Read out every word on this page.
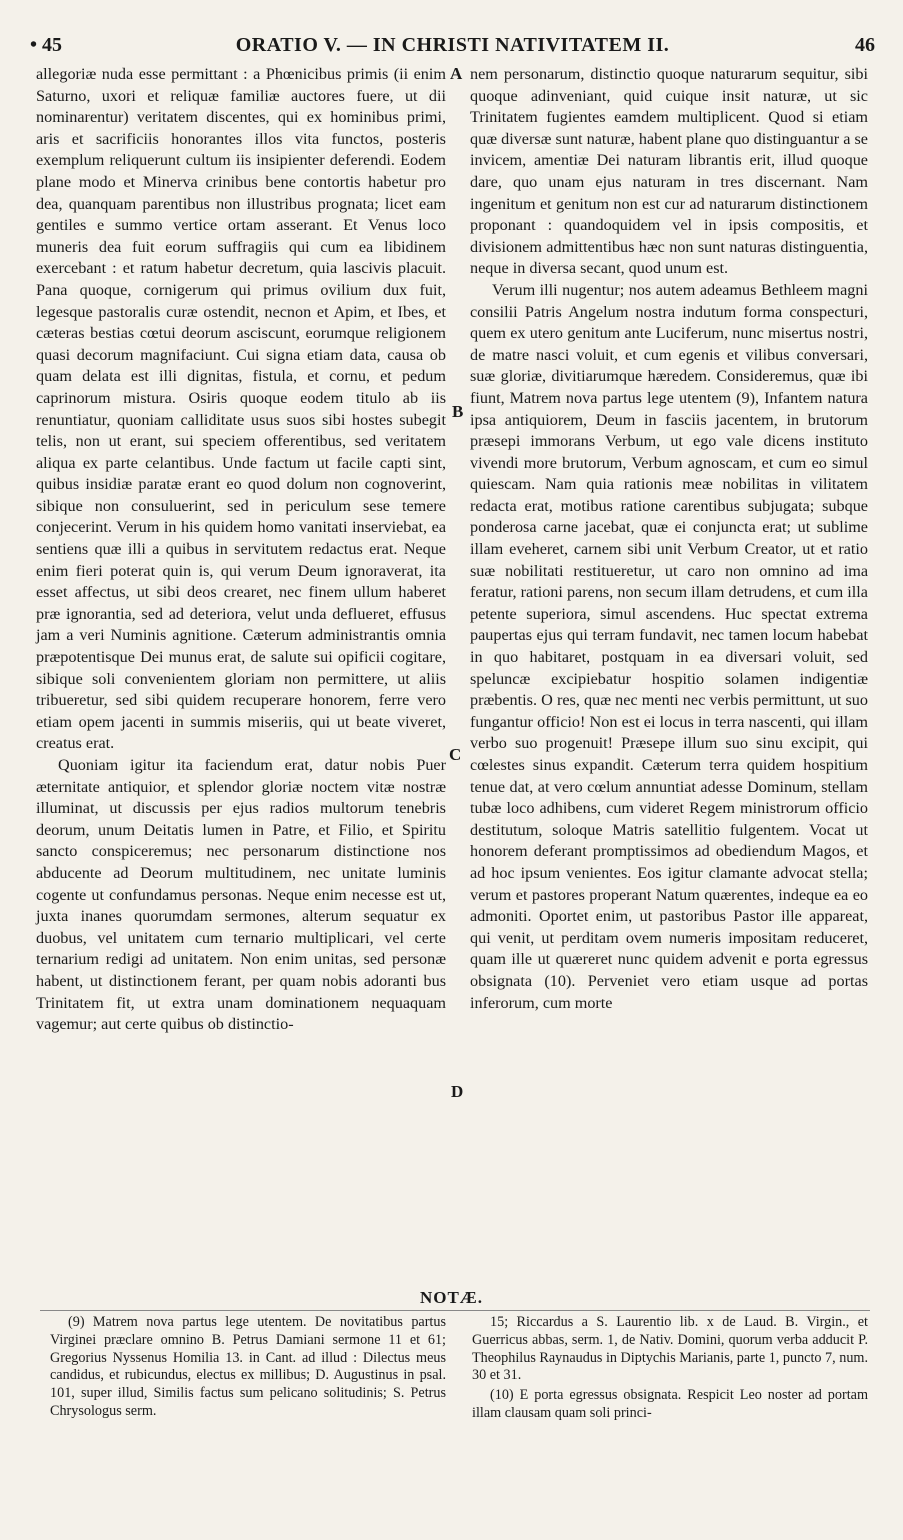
• 45	ORATIO V. — IN CHRISTI NATIVITATEM II.	46

allegoriæ nuda esse permittant : a Phœnicibus primis (ii enim Saturno, uxori et reliquæ familiæ auctores fuere, ut dii nominarentur) veritatem discentes, qui ex hominibus primi, aris et sacrificiis honorantes illos vita functos, posteris exemplum reliquerunt cultum iis insipienter deferendi. Eodem plane modo et Minerva crinibus bene contortis habetur pro dea, quanquam parentibus non illustribus prognata; licet eam gentiles e summo vertice ortam asserant. Et Venus loco muneris dea fuit eorum suffragiis qui cum ea libidinem exercebant : et ratum habetur decretum, quia lascivis placuit. Pana quoque, cornigerum qui primus ovilium dux fuit, legesque pastoralis curæ ostendit, necnon et Apim, et Ibes, et cæteras bestias cœtui deorum asciscunt, eorumque religionem quasi decorum magnifaciunt. Cui signa etiam data, causa ob quam delata est illi dignitas, fistula, et cornu, et pedum caprinorum mistura. Osiris quoque eodem titulo ab iis renuntiatur, quoniam calliditate usus suos sibi hostes subegit telis, non ut erant, sui speciem offerentibus, sed veritatem aliqua ex parte celantibus. Unde factum ut facile capti sint, quibus insidiæ paratæ erant eo quod dolum non cognoverint, sibique non consuluerint, sed in periculum sese temere conjecerint. Verum in his quidem homo vanitati inserviebat, ea sentiens quæ illi a quibus in servitutem redactus erat. Neque enim fieri poterat quin is, qui verum Deum ignoraverat, ita esset affectus, ut sibi deos crearet, nec finem ullum haberet præ ignorantia, sed ad deteriora, velut unda deflueret, effusus jam a veri Numinis agnitione. Cæterum administrantis omnia præpotentisque Dei munus erat, de salute sui opificii cogitare, sibique soli convenientem gloriam non permittere, ut aliis tribueretur, sed sibi quidem recuperare honorem, ferre vero etiam opem jacenti in summis miseriis, qui ut beate viveret, creatus erat.

Quoniam igitur ita faciendum erat, datur nobis Puer æternitate antiquior, et splendor gloriæ noctem vitæ nostræ illuminat, ut discussis per ejus radios multorum tenebris deorum, unum Deitatis lumen in Patre, et Filio, et Spiritu sancto conspiceremus; nec personarum distinctione nos abducente ad Deorum multitudinem, nec unitate luminis cogente ut confundamus personas. Neque enim necesse est ut, juxta inanes quorumdam sermones, alterum sequatur ex duobus, vel unitatem cum ternario multiplicari, vel certe ternarium redigi ad unitatem. Non enim unitas, sed personæ habent, ut distinctionem ferant, per quam nobis adoranti bus Trinitatem fit, ut extra unam dominationem nequaquam vagemur; aut certe quibus ob distinctio-

A
B
C
D

nem personarum, distinctio quoque naturarum sequitur, sibi quoque adinveniant, quid cuique insit naturæ, ut sic Trinitatem fugientes eamdem multiplicent. Quod si etiam quæ diversæ sunt naturæ, habent plane quo distinguantur a se invicem, amentiæ Dei naturam librantis erit, illud quoque dare, quo unam ejus naturam in tres discernant. Nam ingenitum et genitum non est cur ad naturarum distinctionem proponant : quandoquidem vel in ipsis compositis, et divisionem admittentibus hæc non sunt naturas distinguentia, neque in diversa secant, quod unum est.

Verum illi nugentur; nos autem adeamus Bethleem magni consilii Patris Angelum nostra indutum forma conspecturi, quem ex utero genitum ante Luciferum, nunc misertus nostri, de matre nasci voluit, et cum egenis et vilibus conversari, suæ gloriæ, divitiarumque hæredem. Consideremus, quæ ibi fiunt, Matrem nova partus lege utentem (9), Infantem natura ipsa antiquiorem, Deum in fasciis jacentem, in brutorum præsepi immorans Verbum, ut ego vale dicens instituto vivendi more brutorum, Verbum agnoscam, et cum eo simul quiescam. Nam quia rationis meæ nobilitas in vilitatem redacta erat, motibus ratione carentibus subjugata; subque ponderosa carne jacebat, quæ ei conjuncta erat; ut sublime illam eveheret, carnem sibi unit Verbum Creator, ut et ratio suæ nobilitati restitueretur, ut caro non omnino ad ima feratur, rationi parens, non secum illam detrudens, et cum illa petente superiora, simul ascendens. Huc spectat extrema paupertas ejus qui terram fundavit, nec tamen locum habebat in quo habitaret, postquam in ea diversari voluit, sed speluncæ excipiebatur hospitio solamen indigentiæ præbentis. O res, quæ nec menti nec verbis permittunt, ut suo fungantur officio! Non est ei locus in terra nascenti, qui illam verbo suo progenuit! Præsepe illum suo sinu excipit, qui cœlestes sinus expandit. Cæterum terra quidem hospitium tenue dat, at vero cœlum annuntiat adesse Dominum, stellam tubæ loco adhibens, cum videret Regem ministrorum officio destitutum, soloque Matris satellitio fulgentem. Vocat ut honorem deferant promptissimos ad obediendum Magos, et ad hoc ipsum venientes. Eos igitur clamante advocat stella; verum et pastores properant Natum quærentes, indeque ea eo admoniti. Oportet enim, ut pastoribus Pastor ille appareat, qui venit, ut perditam ovem numeris impositam reduceret, quam ille ut quæreret nunc quidem advenit e porta egressus obsignata (10). Perveniet vero etiam usque ad portas inferorum, cum morte

NOTÆ.

(9) Matrem nova partus lege utentem. De novitatibus partus Virginei præclare omnino B. Petrus Damiani sermone 11 et 61; Gregorius Nyssenus Homilia 13. in Cant. ad illud : Dilectus meus candidus, et rubicundus, electus ex millibus; D. Augustinus in psal. 101, super illud, Similis factus sum pelicano solitudinis; S. Petrus Chrysologus serm.

15; Riccardus a S. Laurentio lib. x de Laud. B. Virgin., et Guerricus abbas, serm. 1, de Nativ. Domini, quorum verba adducit P. Theophilus Raynaudus in Diptychis Marianis, parte 1, puncto 7, num. 30 et 31.

(10) E porta egressus obsignata. Respicit Leo noster ad portam illam clausam quam soli princi-
